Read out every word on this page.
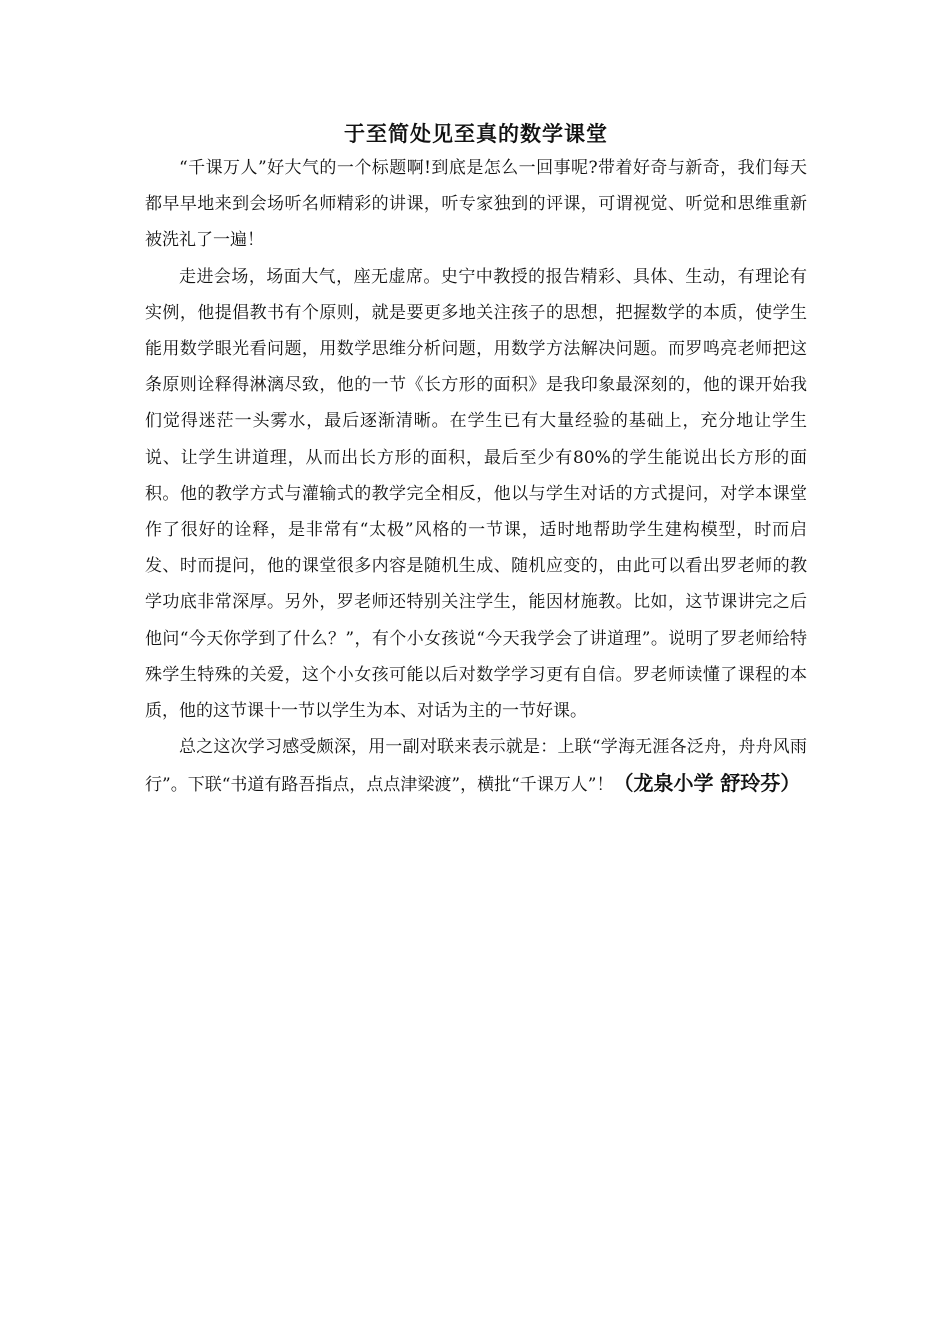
于至简处见至真的数学课堂

“千课万人”好大气的一个标题啊!到底是怎么一回事呢?带着好奇与新奇，我们每天都早早地来到会场听名师精彩的讲课，听专家独到的评课，可谓视觉、听觉和思维重新被洗礼了一遍！

走进会场，场面大气，座无虚席。史宁中教授的报告精彩、具体、生动，有理论有实例，他提倡教书有个原则，就是要更多地关注孩子的思想，把握数学的本质，使学生能用数学眼光看问题，用数学思维分析问题，用数学方法解决问题。而罗鸣亮老师把这条原则诠释得淋漓尽致，他的一节《长方形的面积》是我印象最深刻的，他的课开始我们觉得迷茫一头雾水，最后逐渐清晰。在学生已有大量经验的基础上，充分地让学生说、让学生讲道理，从而出长方形的面积，最后至少有80%的学生能说出长方形的面积。他的教学方式与灌输式的教学完全相反，他以与学生对话的方式提问，对学本课堂作了很好的诠释，是非常有“太极”风格的一节课，适时地帮助学生建构模型，时而启发、时而提问，他的课堂很多内容是随机生成、随机应变的，由此可以看出罗老师的教学功底非常深厚。另外，罗老师还特别关注学生，能因材施教。比如，这节课讲完之后他问“今天你学到了什么？”，有个小女孩说“今天我学会了讲道理”。说明了罗老师给特殊学生特殊的关爱，这个小女孩可能以后对数学学习更有自信。罗老师读懂了课程的本质，他的这节课十一节以学生为本、对话为主的一节好课。

总之这次学习感受颇深，用一副对联来表示就是：上联“学海无涯各泛舟，舟舟风雨行”。下联“书道有路吾指点，点点津梁渡”，横批“千课万人”！（龙泉小学 舒玲芬）
